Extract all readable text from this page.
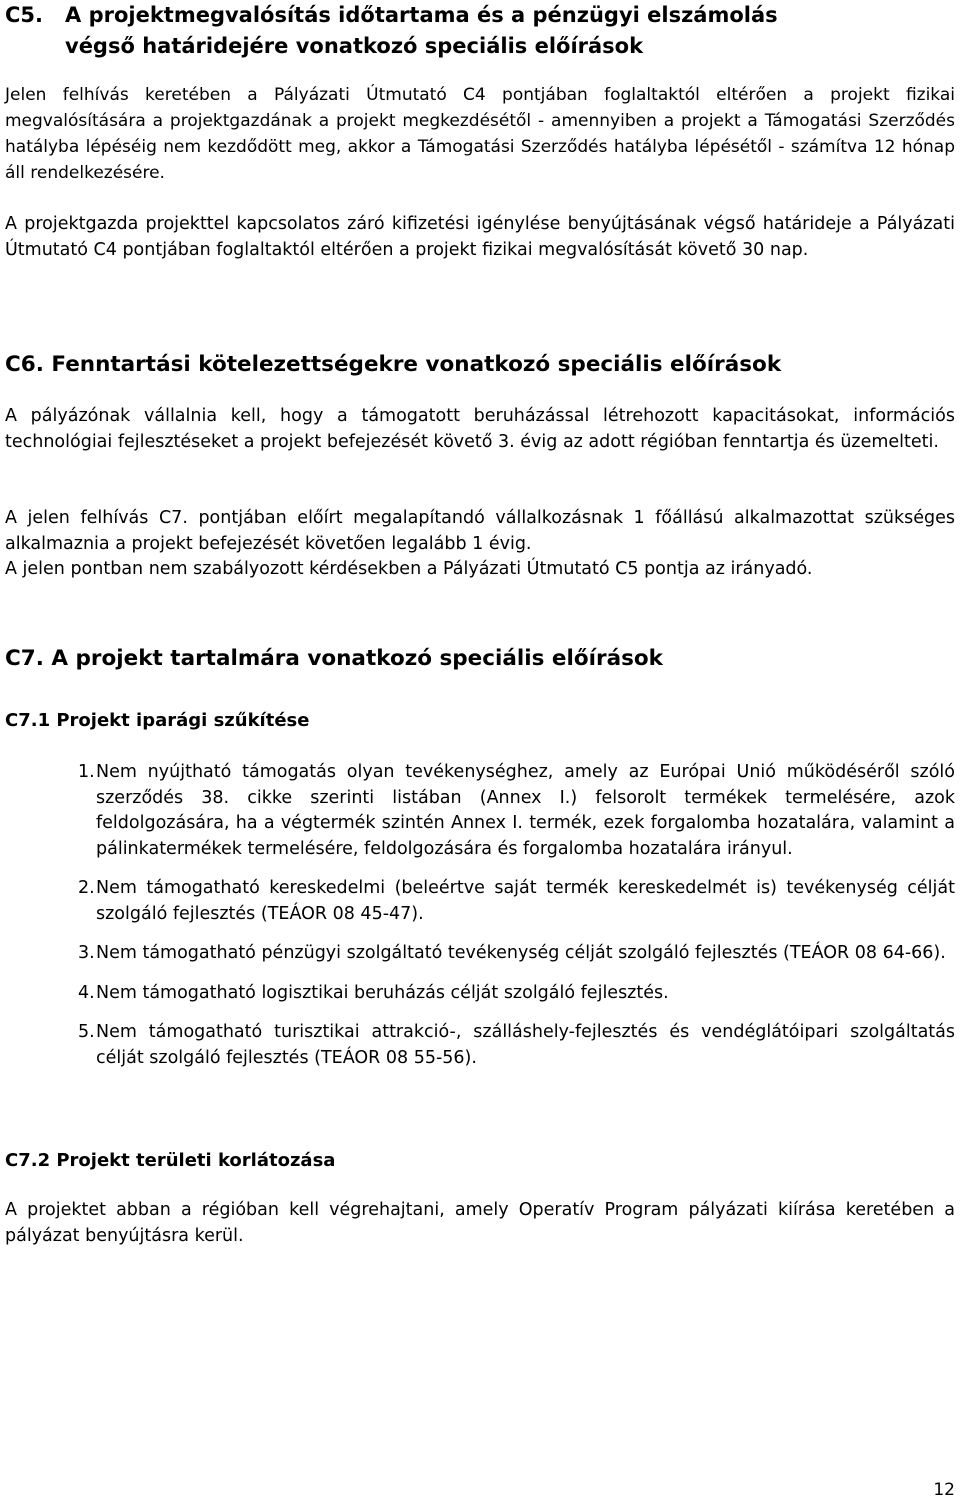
C5. A projektmegvalósítás időtartama és a pénzügyi elszámolás
végső határidejére vonatkozó speciális előírások

Jelen felhívás keretében a Pályázati Útmutató C4 pontjában foglaltaktól eltérően a projekt fizikai megvalósítására a projektgazdának a projekt megkezdésétől - amennyiben a projekt a Támogatási Szerződés hatályba lépéséig nem kezdődött meg, akkor a Támogatási Szerződés hatályba lépésétől - számítva 12 hónap áll rendelkezésére.

A projektgazda projekttel kapcsolatos záró kifizetési igénylése benyújtásának végső határideje a Pályázati Útmutató C4 pontjában foglaltaktól eltérően a projekt fizikai megvalósítását követő 30 nap.

C6. Fenntartási kötelezettségekre vonatkozó speciális előírások

A pályázónak vállalnia kell, hogy a támogatott beruházással létrehozott kapacitásokat, információs technológiai fejlesztéseket a projekt befejezését követő 3. évig az adott régióban fenntartja és üzemelteti.

A jelen felhívás C7. pontjában előírt megalapítandó vállalkozásnak 1 főállású alkalmazottat szükséges alkalmaznia a projekt befejezését követően legalább 1 évig.

A jelen pontban nem szabályozott kérdésekben a Pályázati Útmutató C5 pontja az irányadó.

C7. A projekt tartalmára vonatkozó speciális előírások
C7.1 Projekt iparági szűkítése
1. Nem nyújtható támogatás olyan tevékenységhez, amely az Európai Unió működéséről szóló szerződés 38. cikke szerinti listában (Annex I.) felsorolt termékek termelésére, azok feldolgozására, ha a végtermék szintén Annex I. termék, ezek forgalomba hozatalára, valamint a pálinkatermékek termelésére, feldolgozására és forgalomba hozatalára irányul.
2. Nem támogatható kereskedelmi (beleértve saját termék kereskedelmét is) tevékenység célját szolgáló fejlesztés (TEÁOR 08 45-47).
3. Nem támogatható pénzügyi szolgáltató tevékenység célját szolgáló fejlesztés (TEÁOR 08 64-66).
4. Nem támogatható logisztikai beruházás célját szolgáló fejlesztés.
5. Nem támogatható turisztikai attrakció-, szálláshely-fejlesztés és vendéglátóipari szolgáltatás célját szolgáló fejlesztés (TEÁOR 08 55-56).
C7.2 Projekt területi korlátozása

A projektet abban a régióban kell végrehajtani, amely Operatív Program pályázati kiírása keretében a pályázat benyújtásra kerül.

12
